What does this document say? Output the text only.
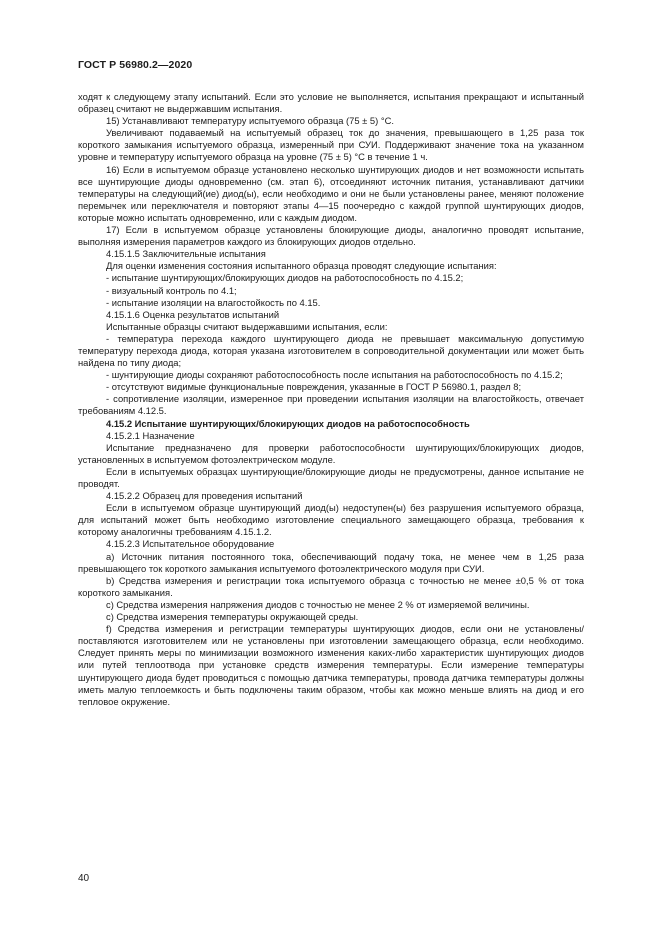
ГОСТ Р 56980.2—2020

ходят к следующему этапу испытаний. Если это условие не выполняется, испытания прекращают и испытанный образец считают не выдержавшим испытания.

15) Устанавливают температуру испытуемого образца (75 ± 5) °С.

Увеличивают подаваемый на испытуемый образец ток до значения, превышающего в 1,25 раза ток короткого замыкания испытуемого образца, измеренный при СУИ. Поддерживают значение тока на указанном уровне и температуру испытуемого образца на уровне (75 ± 5) °С в течение 1 ч.

16) Если в испытуемом образце установлено несколько шунтирующих диодов и нет возможности испытать все шунтирующие диоды одновременно (см. этап 6), отсоединяют источник питания, устанавливают датчики температуры на следующий(ие) диод(ы), если необходимо и они не были установлены ранее, меняют положение перемычек или переключателя и повторяют этапы 4—15 поочередно с каждой группой шунтирующих диодов, которые можно испытать одновременно, или с каждым диодом.

17) Если в испытуемом образце установлены блокирующие диоды, аналогично проводят испытание, выполняя измерения параметров каждого из блокирующих диодов отдельно.

4.15.1.5 Заключительные испытания

Для оценки изменения состояния испытанного образца проводят следующие испытания:

- испытание шунтирующих/блокирующих диодов на работоспособность по 4.15.2;

- визуальный контроль по 4.1;

- испытание изоляции на влагостойкость по 4.15.

4.15.1.6 Оценка результатов испытаний

Испытанные образцы считают выдержавшими испытания, если:

- температура перехода каждого шунтирующего диода не превышает максимальную допустимую температуру перехода диода, которая указана изготовителем в сопроводительной документации или может быть найдена по типу диода;

- шунтирующие диоды сохраняют работоспособность после испытания на работоспособность по 4.15.2;

- отсутствуют видимые функциональные повреждения, указанные в ГОСТ Р 56980.1, раздел 8;

- сопротивление изоляции, измеренное при проведении испытания изоляции на влагостойкость, отвечает требованиям 4.12.5.

4.15.2 Испытание шунтирующих/блокирующих диодов на работоспособность

4.15.2.1 Назначение

Испытание предназначено для проверки работоспособности шунтирующих/блокирующих диодов, установленных в испытуемом фотоэлектрическом модуле.

Если в испытуемых образцах шунтирующие/блокирующие диоды не предусмотрены, данное испытание не проводят.

4.15.2.2 Образец для проведения испытаний

Если в испытуемом образце шунтирующий диод(ы) недоступен(ы) без разрушения испытуемого образца, для испытаний может быть необходимо изготовление специального замещающего образца, требования к которому аналогичны требованиям 4.15.1.2.

4.15.2.3 Испытательное оборудование

а) Источник питания постоянного тока, обеспечивающий подачу тока, не менее чем в 1,25 раза превышающего ток короткого замыкания испытуемого фотоэлектрического модуля при СУИ.

b) Средства измерения и регистрации тока испытуемого образца с точностью не менее ±0,5 % от тока короткого замыкания.

с) Средства измерения напряжения диодов с точностью не менее 2 % от измеряемой величины.

с) Средства измерения температуры окружающей среды.

f) Средства измерения и регистрации температуры шунтирующих диодов, если они не установлены/поставляются изготовителем или не установлены при изготовлении замещающего образца, если необходимо. Следует принять меры по минимизации возможного изменения каких-либо характеристик шунтирующих диодов или путей теплоотвода при установке средств измерения температуры. Если измерение температуры шунтирующего диода будет проводиться с помощью датчика температуры, провода датчика температуры должны иметь малую теплоемкость и быть подключены таким образом, чтобы как можно меньше влиять на диод и его тепловое окружение.

40
